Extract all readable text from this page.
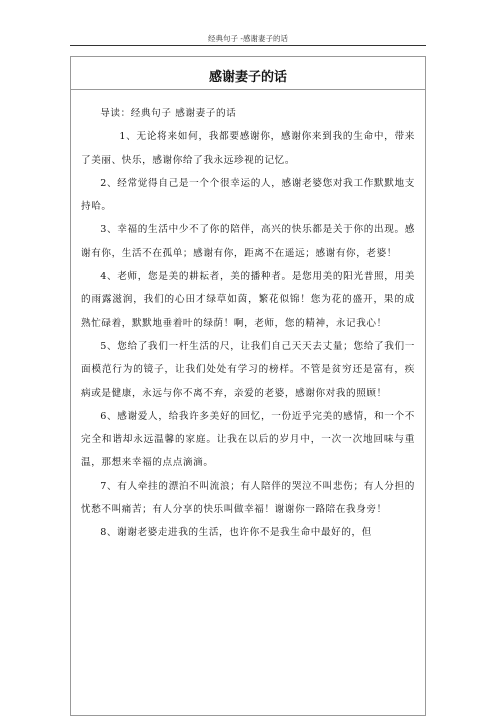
经典句子 -感谢妻子的话
感谢妻子的话

导读：经典句子 感谢妻子的话

1、无论将来如何，我都要感谢你，感谢你来到我的生命中，带来了美丽、快乐，感谢你给了我永远珍视的记忆。

2、经常觉得自己是一个个很幸运的人，感谢老婆您对我工作默默地支持哈。

3、幸福的生活中少不了你的陪伴，高兴的快乐都是关于你的出现。感谢有你，生活不在孤单；感谢有你，距离不在遥远；感谢有你，老婆！

4、老师，您是美的耕耘者，美的播种者。是您用美的阳光普照，用美的雨露滋润，我们的心田才绿草如茵，繁花似锦！您为花的盛开，果的成熟忙碌着，默默地垂着叶的绿荫！啊，老师，您的精神，永记我心！

5、您给了我们一杆生活的尺，让我们自己天天去丈量；您给了我们一面模范行为的镜子，让我们处处有学习的榜样。不管是贫穷还是富有，疾病或是健康，永远与你不离不弃，亲爱的老婆，感谢你对我的照顾！

6、感谢爱人，给我许多美好的回忆，一份近乎完美的感情，和一个不完全和谐却永远温馨的家庭。让我在以后的岁月中，一次一次地回味与重温，那想来幸福的点点滴滴。

7、有人牵挂的漂泊不叫流浪；有人陪伴的哭泣不叫悲伤；有人分担的忧愁不叫痛苦；有人分享的快乐叫做幸福！谢谢你一路陪在我身旁！

8、谢谢老婆走进我的生活，也许你不是我生命中最好的，但
